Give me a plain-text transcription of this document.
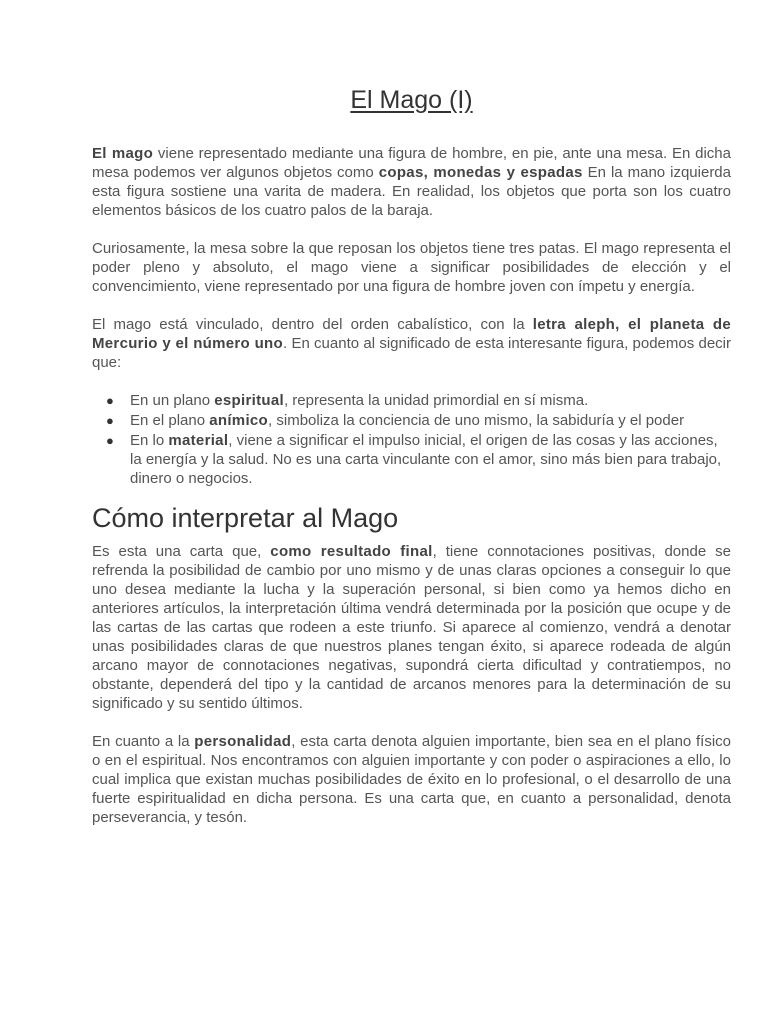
El Mago (I)

El mago viene representado mediante una figura de hombre, en pie, ante una mesa. En dicha mesa podemos ver algunos objetos como copas, monedas y espadas En la mano izquierda esta figura sostiene una varita de madera. En realidad, los objetos que porta son los cuatro elementos básicos de los cuatro palos de la baraja.

Curiosamente, la mesa sobre la que reposan los objetos tiene tres patas. El mago representa el poder pleno y absoluto, el mago viene a significar posibilidades de elección y el convencimiento, viene representado por una figura de hombre joven con ímpetu y energía.

El mago está vinculado, dentro del orden cabalístico, con la letra aleph, el planeta de Mercurio y el número uno. En cuanto al significado de esta interesante figura, podemos decir que:

● En un plano espiritual, representa la unidad primordial en sí misma.
● En el plano anímico, simboliza la conciencia de uno mismo, la sabiduría y el poder
● En lo material, viene a significar el impulso inicial, el origen de las cosas y las acciones, la energía y la salud. No es una carta vinculante con el amor, sino más bien para trabajo, dinero o negocios.
Cómo interpretar al Mago

Es esta una carta que, como resultado final, tiene connotaciones positivas, donde se refrenda la posibilidad de cambio por uno mismo y de unas claras opciones a conseguir lo que uno desea mediante la lucha y la superación personal, si bien como ya hemos dicho en anteriores artículos, la interpretación última vendrá determinada por la posición que ocupe y de las cartas de las cartas que rodeen a este triunfo. Si aparece al comienzo, vendrá a denotar unas posibilidades claras de que nuestros planes tengan éxito, si aparece rodeada de algún arcano mayor de connotaciones negativas, supondrá cierta dificultad y contratiempos, no obstante, dependerá del tipo y la cantidad de arcanos menores para la determinación de su significado y su sentido últimos.

En cuanto a la personalidad, esta carta denota alguien importante, bien sea en el plano físico o en el espiritual. Nos encontramos con alguien importante y con poder o aspiraciones a ello, lo cual implica que existan muchas posibilidades de éxito en lo profesional, o el desarrollo de una fuerte espiritualidad en dicha persona. Es una carta que, en cuanto a personalidad, denota perseverancia, y tesón.
